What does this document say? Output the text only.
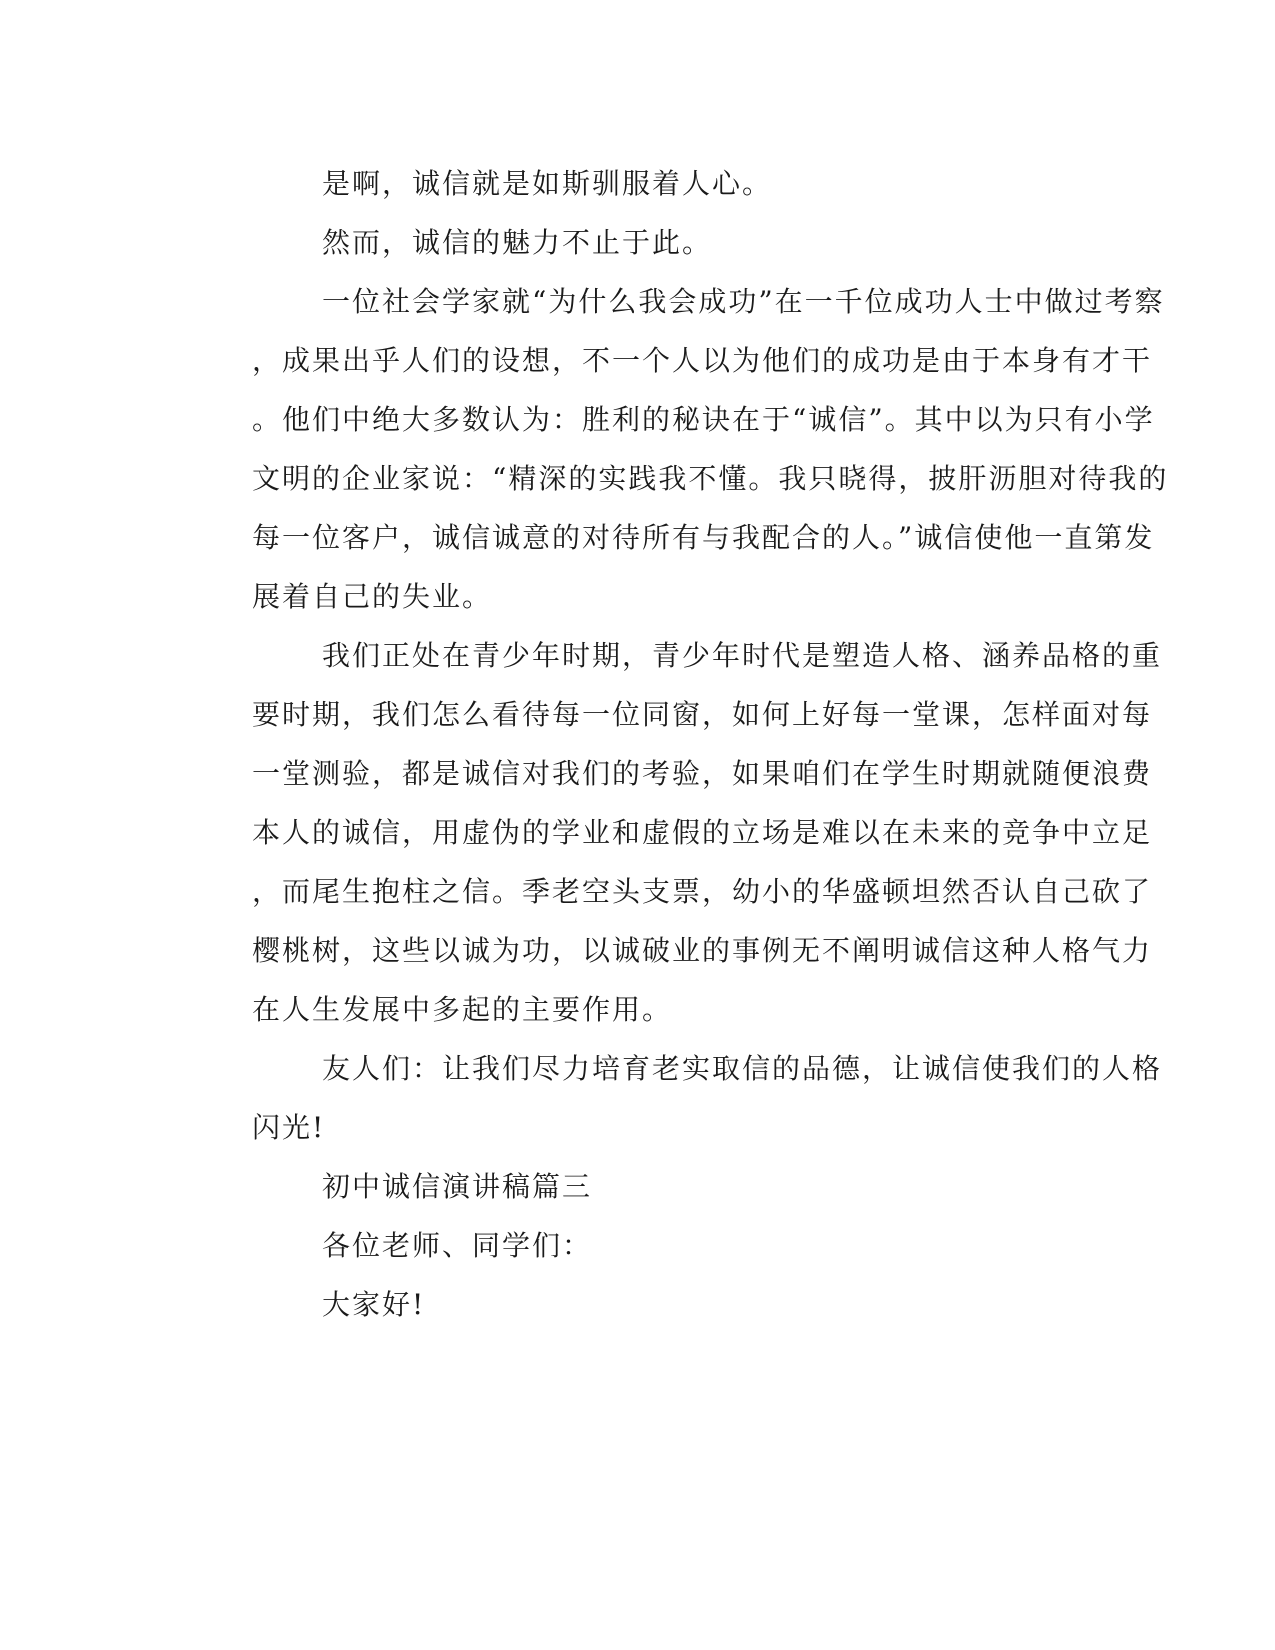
是啊，诚信就是如斯驯服着人心。
然而，诚信的魅力不止于此。
一位社会学家就“为什么我会成功”在一千位成功人士中做过考察
，成果出乎人们的设想，不一个人以为他们的成功是由于本身有才干
。他们中绝大多数认为：胜利的秘诀在于“诚信”。其中以为只有小学
文明的企业家说：“精深的实践我不懂。我只晓得，披肝沥胆对待我的
每一位客户，诚信诚意的对待所有与我配合的人。”诚信使他一直第发
展着自己的失业。
我们正处在青少年时期，青少年时代是塑造人格、涵养品格的重
要时期，我们怎么看待每一位同窗，如何上好每一堂课，怎样面对每
一堂测验，都是诚信对我们的考验，如果咱们在学生时期就随便浪费
本人的诚信，用虚伪的学业和虚假的立场是难以在未来的竞争中立足
，而尾生抱柱之信。季老空头支票，幼小的华盛顿坦然否认自己砍了
樱桃树，这些以诚为功，以诚破业的事例无不阐明诚信这种人格气力
在人生发展中多起的主要作用。
友人们：让我们尽力培育老实取信的品德，让诚信使我们的人格
闪光!
初中诚信演讲稿篇三
各位老师、同学们：
大家好!
